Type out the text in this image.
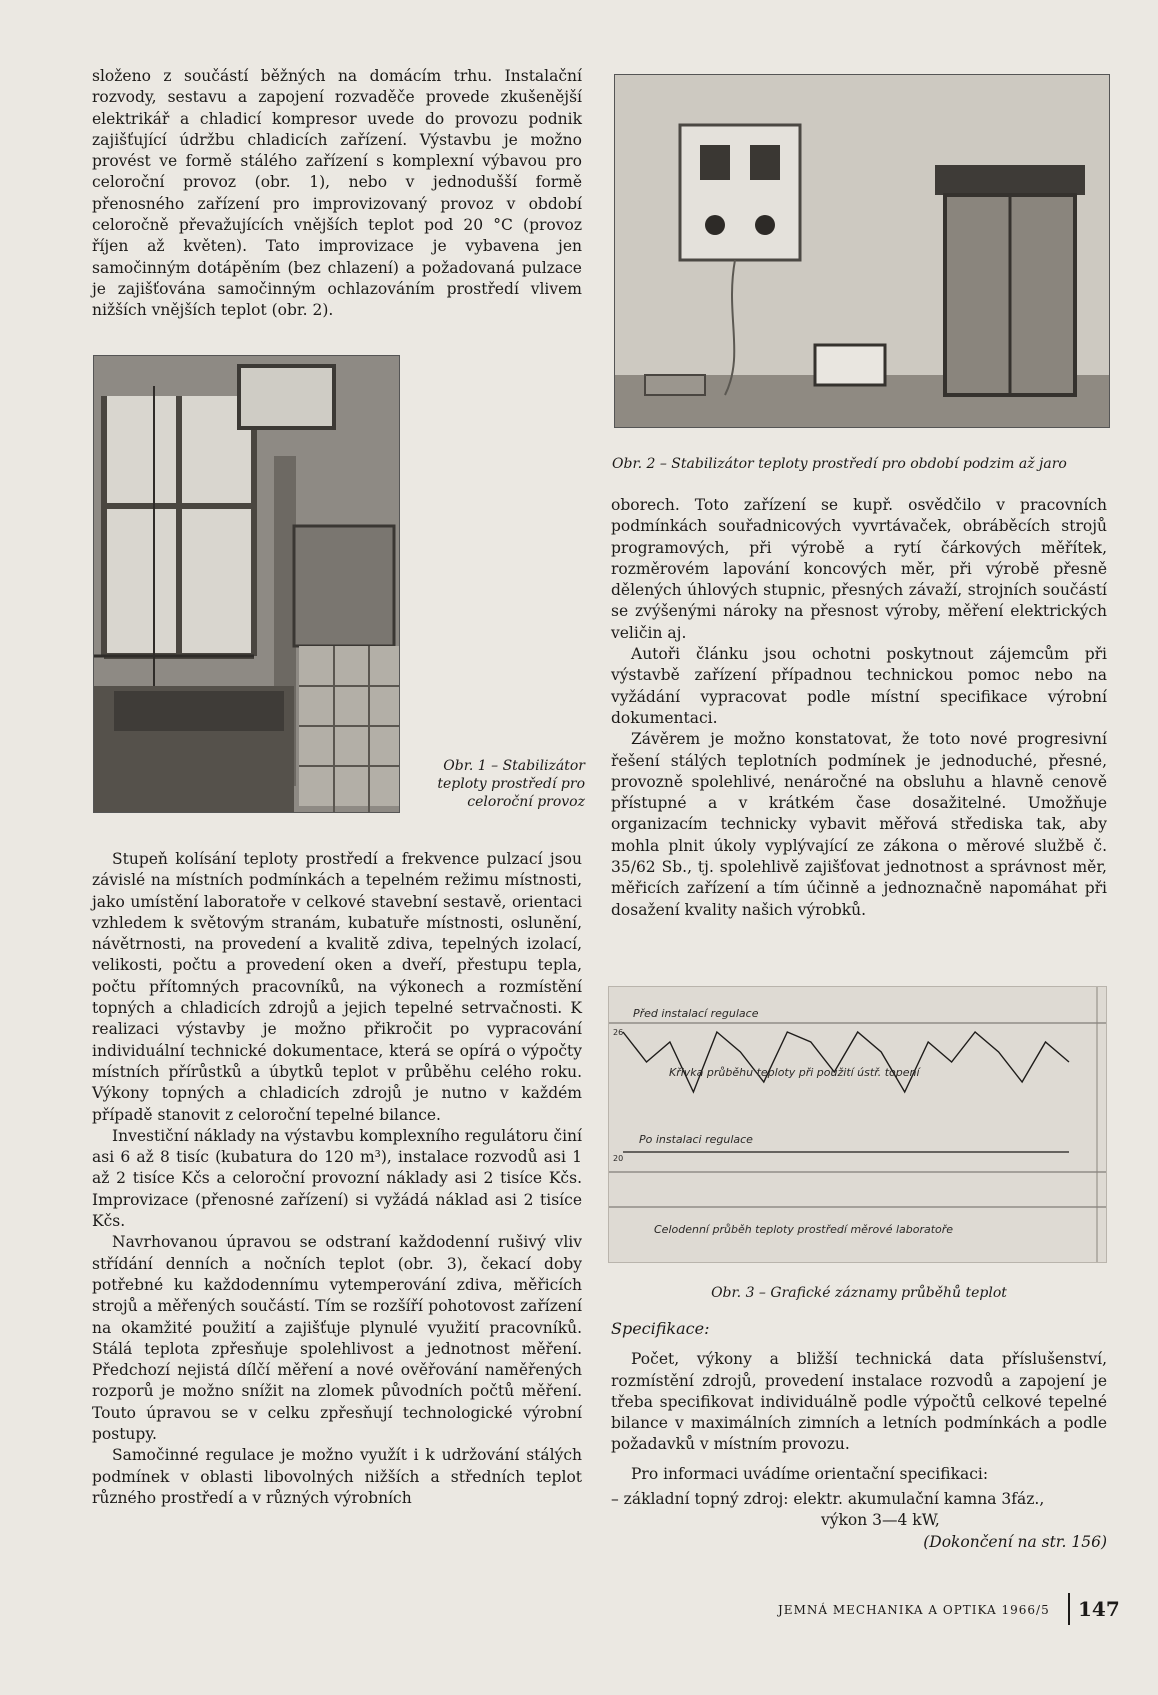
složeno z součástí běžných na domácím trhu. Instalační rozvody, sestavu a zapojení rozvaděče provede zkušenější elektrikář a chladicí kompresor uvede do provozu podnik zajišťující údržbu chladicích zařízení. Výstavbu je možno provést ve formě stálého zařízení s komplexní výbavou pro celoroční provoz (obr. 1), nebo v jednodušší formě přenosného zařízení pro improvizovaný provoz v období celoročně převažujících vnějších teplot pod 20 °C (provoz říjen až květen). Tato improvizace je vybavena jen samočinným dotápěním (bez chlazení) a požadovaná pulzace je zajišťována samočinným ochlazováním prostředí vlivem nižších vnějších teplot (obr. 2).

Obr. 1 – Stabilizátor
teploty prostředí pro
celoroční provoz

Stupeň kolísání teploty prostředí a frekvence pulzací jsou závislé na místních podmínkách a tepelném režimu místnosti, jako umístění laboratoře v celkové stavební sestavě, orientaci vzhledem k světovým stranám, kubatuře místnosti, oslunění, návětrnosti, na provedení a kvalitě zdiva, tepelných izolací, velikosti, počtu a provedení oken a dveří, přestupu tepla, počtu přítomných pracovníků, na výkonech a rozmístění topných a chladicích zdrojů a jejich tepelné setrvačnosti. K realizaci výstavby je možno přikročit po vypracování individuální technické dokumentace, která se opírá o výpočty místních přírůstků a úbytků teplot v průběhu celého roku. Výkony topných a chladicích zdrojů je nutno v každém případě stanovit z celoroční tepelné bilance.

Investiční náklady na výstavbu komplexního regulátoru činí asi 6 až 8 tisíc (kubatura do 120 m³), instalace rozvodů asi 1 až 2 tisíce Kčs a celoroční provozní náklady asi 2 tisíce Kčs. Improvizace (přenosné zařízení) si vyžádá náklad asi 2 tisíce Kčs.

Navrhovanou úpravou se odstraní každodenní rušivý vliv střídání denních a nočních teplot (obr. 3), čekací doby potřebné ku každodennímu vytemperování zdiva, měřicích strojů a měřených součástí. Tím se rozšíří pohotovost zařízení na okamžité použití a zajišťuje plynulé využití pracovníků. Stálá teplota zpřesňuje spolehlivost a jednotnost měření. Předchozí nejistá dílčí měření a nové ověřování naměřených rozporů je možno snížit na zlomek původních počtů měření. Touto úpravou se v celku zpřesňují technologické výrobní postupy.

Samočinné regulace je možno využít i k udržování stálých podmínek v oblasti libovolných nižších a středních teplot různého prostředí a v různých výrobních

Obr. 2 – Stabilizátor teploty prostředí pro období podzim až jaro

oborech. Toto zařízení se kupř. osvědčilo v pracovních podmínkách souřadnicových vyvrtávaček, obráběcích strojů programových, při výrobě a rytí čárkových měřítek, rozměrovém lapování koncových měr, při výrobě přesně dělených úhlových stupnic, přesných závaží, strojních součástí se zvýšenými nároky na přesnost výroby, měření elektrických veličin aj.

Autoři článku jsou ochotni poskytnout zájemcům při výstavbě zařízení případnou technickou pomoc nebo na vyžádání vypracovat podle místní specifikace výrobní dokumentaci.

Závěrem je možno konstatovat, že toto nové progresivní řešení stálých teplotních podmínek je jednoduché, přesné, provozně spolehlivé, nenáročné na obsluhu a hlavně cenově přístupné a v krátkém čase dosažitelné. Umožňuje organizacím technicky vybavit měřová střediska tak, aby mohla plnit úkoly vyplývající ze zákona o měrové službě č. 35/62 Sb., tj. spolehlivě zajišťovat jednotnost a správnost měr, měřicích zařízení a tím účinně a jednoznačně napomáhat při dosažení kvality našich výrobků.

26
20
Před instalací regulace
Křivka průběhu teploty při použití ústř. topení
Po instalaci regulace
Celodenní průběh teploty prostředí měrové laboratoře
Obr. 3 – Grafické záznamy průběhů teplot

Specifikace:

Počet, výkony a bližší technická data příslušenství, rozmístění zdrojů, provedení instalace rozvodů a zapojení je třeba specifikovat individuálně podle výpočtů celkové tepelné bilance v maximálních zimních a letních podmínkách a podle požadavků v místním provozu.

Pro informaci uvádíme orientační specifikaci:

– základní topný zdroj: elektr. akumulační kamna 3fáz.,

výkon 3—4 kW,

(Dokončení na str. 156)

JEMNÁ MECHANIKA A OPTIKA 1966/5 147
